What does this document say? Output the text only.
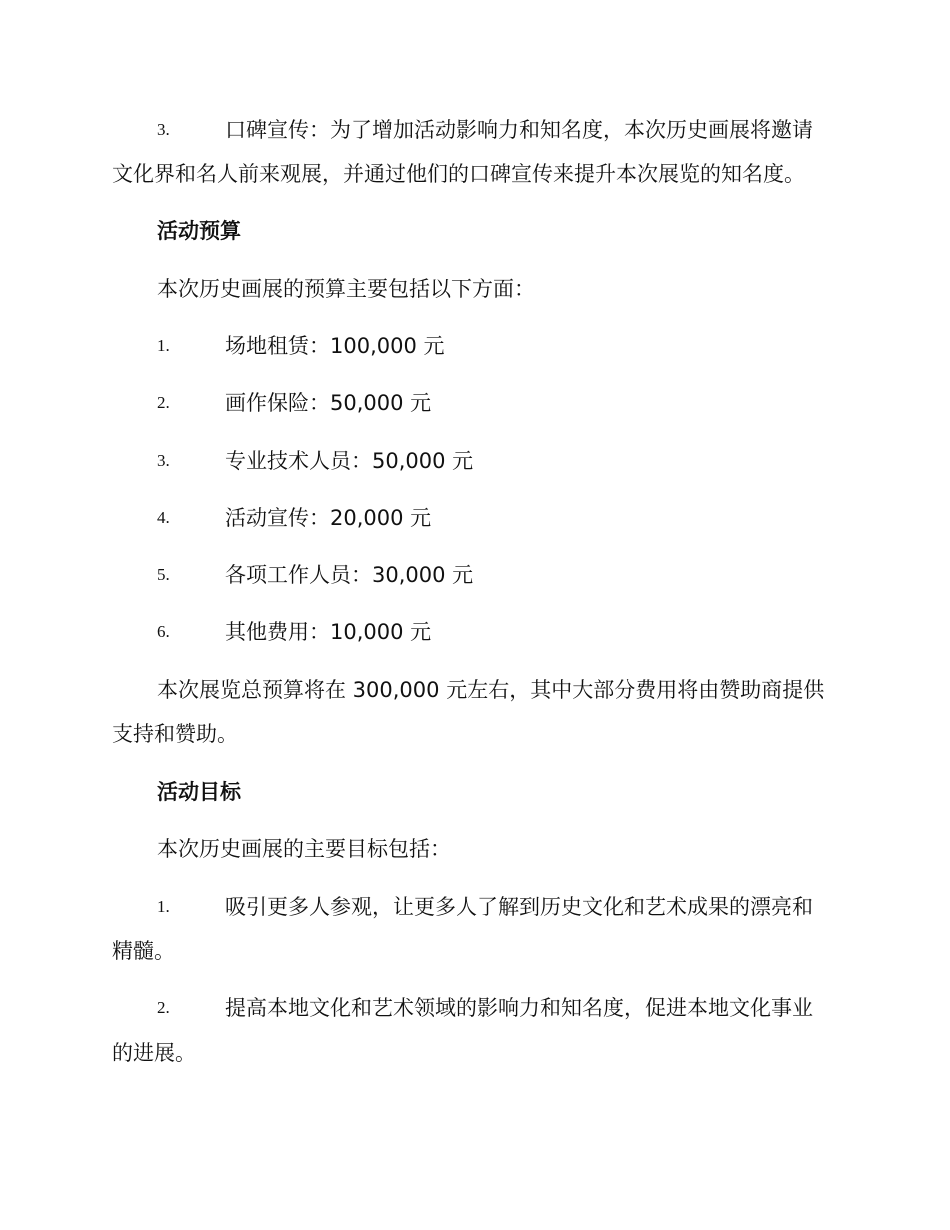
3.	口碑宣传：为了增加活动影响力和知名度，本次历史画展将邀请
文化界和名人前来观展，并通过他们的口碑宣传来提升本次展览的知名度。
活动预算
本次历史画展的预算主要包括以下方面：
1.	场地租赁：100,000 元
2.	画作保险：50,000 元
3.	专业技术人员：50,000 元
4.	活动宣传：20,000 元
5.	各项工作人员：30,000 元
6.	其他费用：10,000 元
本次展览总预算将在 300,000 元左右，其中大部分费用将由赞助商提供
支持和赞助。
活动目标
本次历史画展的主要目标包括：
1.	吸引更多人参观，让更多人了解到历史文化和艺术成果的漂亮和
精髓。
2.	提高本地文化和艺术领域的影响力和知名度，促进本地文化事业
的进展。
